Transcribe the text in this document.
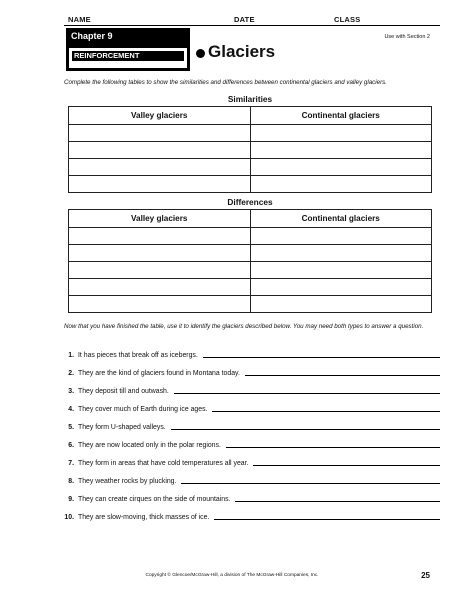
NAME	DATE	CLASS
Chapter 9
REINFORCEMENT
Use with Section 2
Glaciers
Complete the following tables to show the similarities and differences between continental glaciers and valley glaciers.
Similarities
Valley glaciers	Continental glaciers

Differences
Valley glaciers	Continental glaciers

Now that you have finished the table, use it to identify the glaciers described below. You may need both types to answer a question.
1. It has pieces that break off as icebergs.
2. They are the kind of glaciers found in Montana today.
3. They deposit till and outwash.
4. They cover much of Earth during ice ages.
5. They form U-shaped valleys.
6. They are now located only in the polar regions.
7. They form in areas that have cold temperatures all year.
8. They weather rocks by plucking.
9. They can create cirques on the side of mountains.
10. They are slow-moving, thick masses of ice.
Copyright © Glencoe/McGraw-Hill, a division of The McGraw-Hill Companies, Inc.	25
